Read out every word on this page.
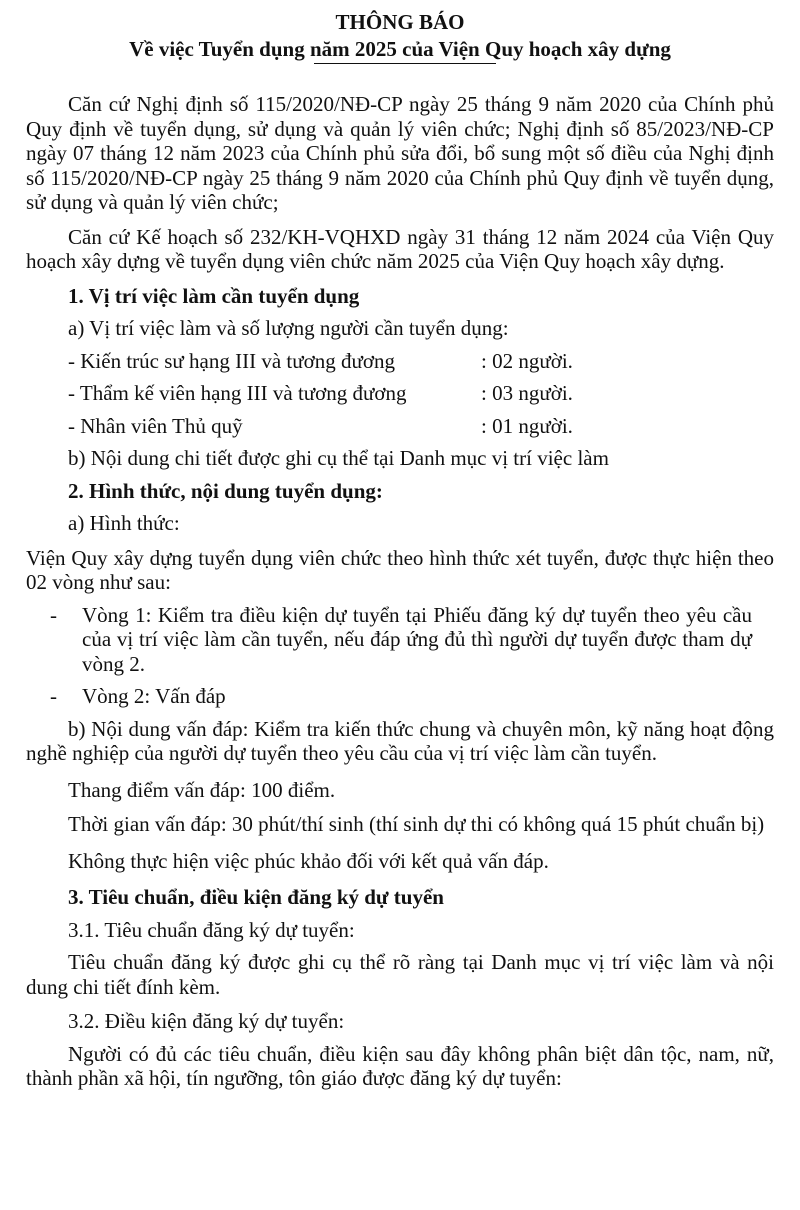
THÔNG BÁO
Về việc Tuyển dụng năm 2025 của Viện Quy hoạch xây dựng

Căn cứ Nghị định số 115/2020/NĐ-CP ngày 25 tháng 9 năm 2020 của Chính phủ Quy định về tuyển dụng, sử dụng và quản lý viên chức; Nghị định số 85/2023/NĐ-CP ngày 07 tháng 12 năm 2023 của Chính phủ sửa đổi, bổ sung một số điều của Nghị định số 115/2020/NĐ-CP ngày 25 tháng 9 năm 2020 của Chính phủ Quy định về tuyển dụng, sử dụng và quản lý viên chức;

Căn cứ Kế hoạch số 232/KH-VQHXD ngày 31 tháng 12 năm 2024 của Viện Quy hoạch xây dựng về tuyển dụng viên chức năm 2025 của Viện Quy hoạch xây dựng.

1. Vị trí việc làm cần tuyển dụng

a) Vị trí việc làm và số lượng người cần tuyển dụng:

- Kiến trúc sư hạng III và tương đương	: 02 người.
- Thẩm kế viên hạng III và tương đương	: 03 người.
- Nhân viên Thủ quỹ	: 01 người.

b) Nội dung chi tiết được ghi cụ thể tại Danh mục vị trí việc làm

2. Hình thức, nội dung tuyển dụng:

a) Hình thức:

Viện Quy xây dựng tuyển dụng viên chức theo hình thức xét tuyển, được thực hiện theo 02 vòng như sau:

-	Vòng 1: Kiểm tra điều kiện dự tuyển tại Phiếu đăng ký dự tuyển theo yêu cầu của vị trí việc làm cần tuyển, nếu đáp ứng đủ thì người dự tuyển được tham dự vòng 2.
-	Vòng 2: Vấn đáp

b) Nội dung vấn đáp: Kiểm tra kiến thức chung và chuyên môn, kỹ năng hoạt động nghề nghiệp của người dự tuyển theo yêu cầu của vị trí việc làm cần tuyển.

Thang điểm vấn đáp: 100 điểm.

Thời gian vấn đáp: 30 phút/thí sinh (thí sinh dự thi có không quá 15 phút chuẩn bị)

Không thực hiện việc phúc khảo đối với kết quả vấn đáp.

3. Tiêu chuẩn, điều kiện đăng ký dự tuyển

3.1. Tiêu chuẩn đăng ký dự tuyển:

Tiêu chuẩn đăng ký được ghi cụ thể rõ ràng tại Danh mục vị trí việc làm và nội dung chi tiết đính kèm.

3.2. Điều kiện đăng ký dự tuyển:

Người có đủ các tiêu chuẩn, điều kiện sau đây không phân biệt dân tộc, nam, nữ, thành phần xã hội, tín ngưỡng, tôn giáo được đăng ký dự tuyển:
